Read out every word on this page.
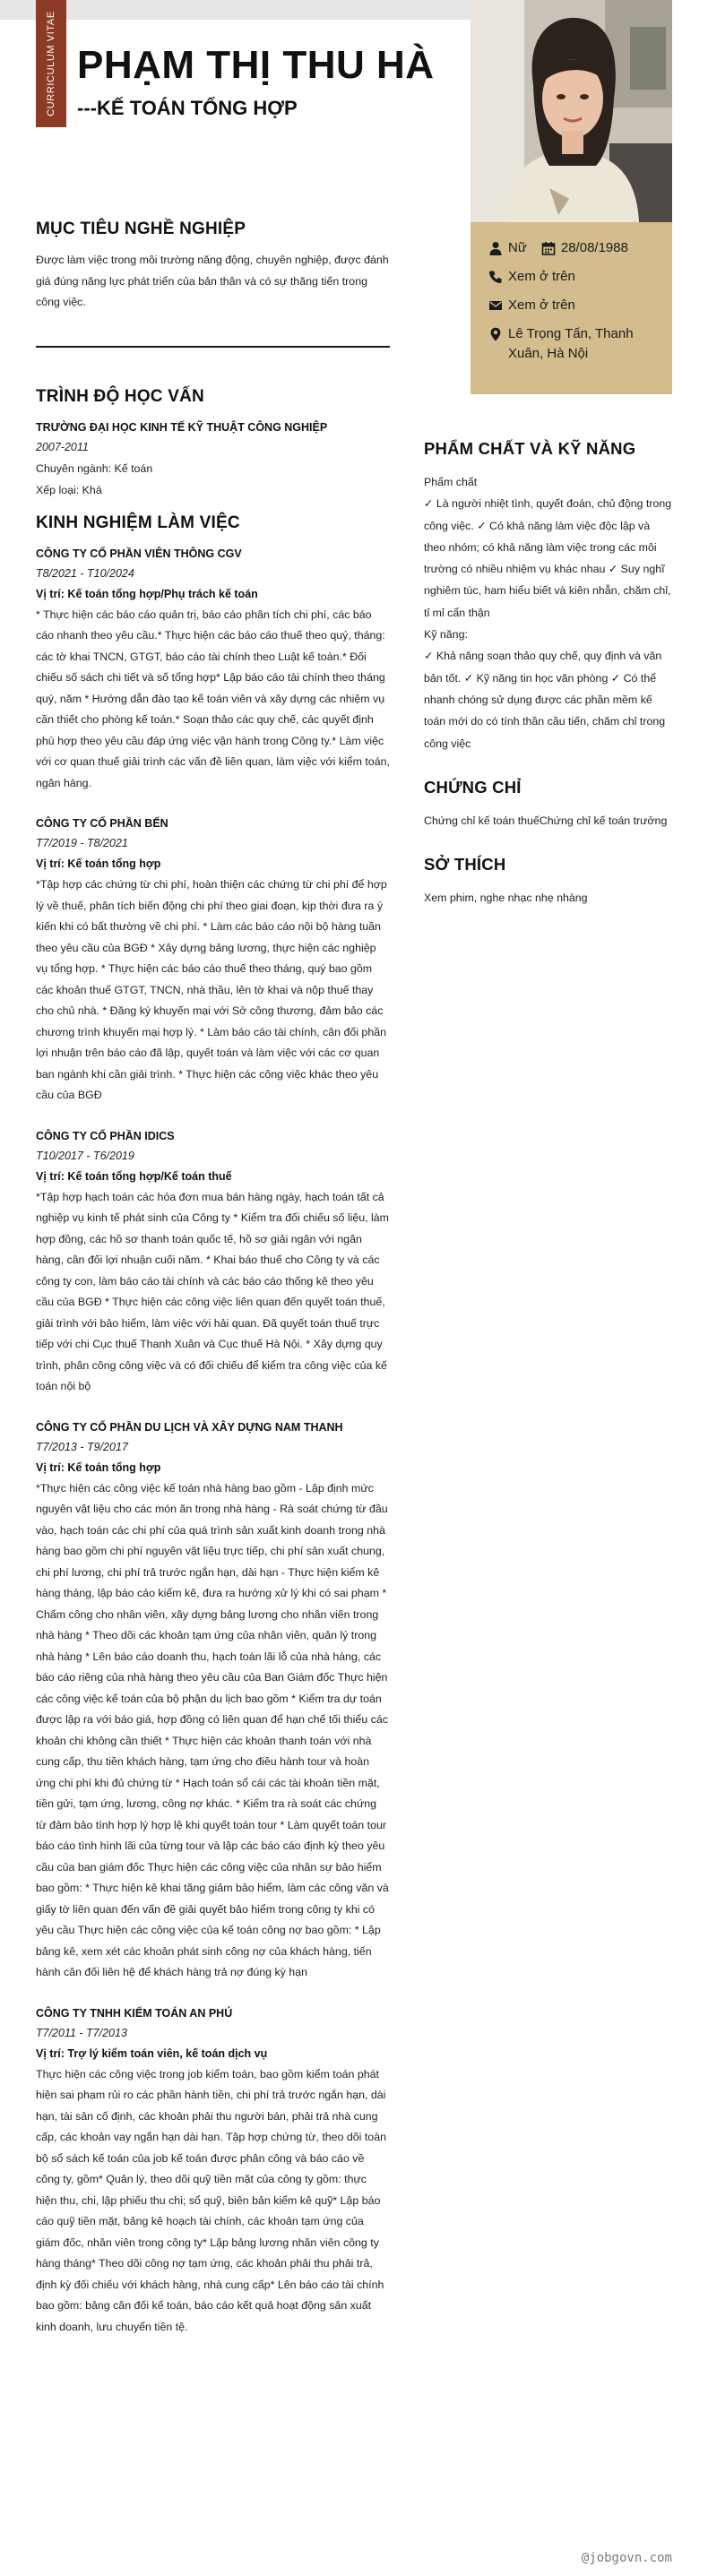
CURRICULUM VITAE PHẠM THỊ THU HÀ
---KẾ TOÁN TỔNG HỢP
Nữ	28/08/1988
Xem ở trên
Xem ở trên
Lê Trọng Tấn, Thanh Xuân, Hà Nội
MỤC TIÊU NGHỀ NGHIỆP
Được làm việc trong môi trường năng động, chuyên nghiệp, được đánh giá đúng năng lực phát triển của bản thân và có sự thăng tiến trong công việc.
TRÌNH ĐỘ HỌC VẤN
TRƯỜNG ĐẠI HỌC KINH TẾ KỸ THUẬT CÔNG NGHIỆP
2007-2011
Chuyên ngành: Kế toán
Xếp loại: Khá
KINH NGHIỆM LÀM VIỆC
CÔNG TY CỔ PHẦN VIÊN THÔNG CGV
T8/2021 - T10/2024
Vị trí: Kế toán tổng hợp/Phụ trách kế toán
* Thực hiện các báo cáo quản trị, báo cáo phân tích chi phí, các báo cáo nhanh theo yêu cầu.* Thực hiện các báo cáo thuế theo quý, tháng: các tờ khai TNCN, GTGT, báo cáo tài chính theo Luật kế toán.* Đối chiếu số sách chi tiết và số tổng hợp* Lập báo cáo tài chính theo tháng quý, năm * Hướng dẫn đào tạo kế toán viên và xây dựng các nhiệm vụ cần thiết cho phòng kế toán.* Soạn thảo các quy chế, các quyết định phù hợp theo yêu cầu đáp ứng việc vận hành trong Công ty.* Làm việc với cơ quan thuế giải trình các vấn đề liên quan, làm việc với kiểm toán, ngân hàng.
CÔNG TY CỔ PHẦN BẾN
T7/2019 - T8/2021
Vị trí: Kế toán tổng hợp
*Tập hợp các chứng từ chi phí, hoàn thiện các chứng từ chi phí để hợp lý về thuế, phân tích biến động chi phí theo giai đoạn, kịp thời đưa ra ý kiến khi có bất thường về chi phí. * Làm các báo cáo nội bộ hàng tuần theo yêu cầu của BGĐ * Xây dựng bảng lương, thực hiện các nghiệp vụ tổng hợp. * Thực hiện các báo cáo thuế theo tháng, quý bao gồm các khoản thuế GTGT, TNCN, nhà thầu, lên tờ khai và nộp thuế thay cho chủ nhà. * Đăng ký khuyến mại với Sở công thương, đảm bảo các chương trình khuyến mại hợp lý. * Làm báo cáo tài chính, cân đối phần lợi nhuận trên báo cáo đã lập, quyết toán và làm việc với các cơ quan ban ngành khi cần giải trình. * Thực hiện các công việc khác theo yêu cầu của BGĐ
CÔNG TY CỔ PHẦN IDICS
T10/2017 - T6/2019
Vị trí: Kế toán tổng hợp/Kế toán thuế
*Tập hợp hạch toán các hóa đơn mua bán hàng ngày, hạch toán tất cả nghiệp vụ kinh tế phát sinh của Công ty * Kiểm tra đối chiếu số liệu, làm hợp đồng, các hồ sơ thanh toán quốc tế, hồ sơ giải ngân với ngân hàng, cân đối lợi nhuận cuối năm. * Khai báo thuế cho Công ty và các công ty con, làm báo cáo tài chính và các báo cáo thống kê theo yêu cầu của BGĐ * Thực hiện các công việc liên quan đến quyết toán thuế, giải trình với bảo hiểm, làm việc với hải quan. Đã quyết toán thuế trực tiếp với chi Cục thuế Thanh Xuân và Cục thuế Hà Nội. * Xây dựng quy trình, phân công công việc và có đối chiếu để kiểm tra công việc của kế toán nội bộ
CÔNG TY CỔ PHẦN DU LỊCH VÀ XÂY DỰNG NAM THANH
T7/2013 - T9/2017
Vị trí: Kế toán tổng hợp
*Thực hiện các công việc kế toán nhà hàng bao gồm - Lập định mức nguyên vật liệu cho các món ăn trong nhà hàng - Rà soát chứng từ đầu vào, hạch toán các chi phí của quá trình sản xuất kinh doanh trong nhà hàng bao gồm chi phí nguyên vật liệu trực tiếp, chi phí sản xuất chung, chi phí lương, chi phí trả trước ngắn hạn, dài hạn - Thực hiện kiểm kê hàng tháng, lập báo cáo kiểm kê, đưa ra hướng xử lý khi có sai phạm * Chấm công cho nhân viên, xây dựng bảng lương cho nhân viên trong nhà hàng * Theo dõi các khoản tạm ứng của nhân viên, quản lý trong nhà hàng * Lên báo cáo doanh thu, hạch toán lãi lỗ của nhà hàng, các báo cáo riêng của nhà hàng theo yêu cầu của Ban Giám đốc Thực hiện các công việc kế toán của bộ phận du lịch bao gồm * Kiểm tra dự toán được lập ra với báo giá, hợp đồng có liên quan để hạn chế tối thiểu các khoản chi không cần thiết * Thực hiện các khoản thanh toán với nhà cung cấp, thu tiền khách hàng, tạm ứng cho điều hành tour và hoàn ứng chi phí khi đủ chứng từ * Hạch toán sổ cái các tài khoản tiền mặt, tiền gửi, tạm ứng, lương, công nợ khác. * Kiểm tra rà soát các chứng từ đảm bảo tính hợp lý hợp lệ khi quyết toán tour * Làm quyết toán tour báo cáo tình hình lãi của từng tour và lập các báo cáo định kỳ theo yêu cầu của ban giám đốc Thực hiện các công việc của nhân sự bảo hiểm bao gồm: * Thực hiện kê khai tăng giảm bảo hiểm, làm các công văn và giấy tờ liên quan đến vấn đề giải quyết bảo hiểm trong công ty khi có yêu cầu Thực hiện các công việc của kế toán công nợ bao gồm: * Lập bảng kê, xem xét các khoản phát sinh công nợ của khách hàng, tiến hành cân đối liên hệ để khách hàng trả nợ đúng kỳ hạn
CÔNG TY TNHH KIỂM TOÁN AN PHÚ
T7/2011 - T7/2013
Vị trí: Trợ lý kiểm toán viên, kế toán dịch vụ
Thực hiện các công việc trong job kiểm toán, bao gồm kiểm toán phát hiện sai phạm rủi ro các phần hành tiền, chi phí trả trước ngắn hạn, dài hạn, tài sản cố định, các khoản phải thu người bán, phải trả nhà cung cấp, các khoản vay ngắn hạn dài hạn. Tập hợp chứng từ, theo dõi toàn bộ sổ sách kế toán của job kế toán được phân công và báo cáo về công ty, gồm* Quản lý, theo dõi quỹ tiền mặt của công ty gồm: thực hiện thu, chi, lập phiếu thu chi; sổ quỹ, biên bản kiểm kê quỹ* Lập báo cáo quỹ tiền mặt, bảng kê hoạch tài chính, các khoản tạm ứng của giám đốc, nhân viên trong công ty* Lập bảng lương nhân viên công ty hàng tháng* Theo dõi công nợ tạm ứng, các khoản phải thu phải trả, định kỳ đối chiếu với khách hàng, nhà cung cấp* Lên báo cáo tài chính bao gồm: bảng cân đối kế toán, báo cáo kết quả hoạt động sản xuất kinh doanh, lưu chuyển tiền tệ.
PHẨM CHẤT VÀ KỸ NĂNG
Phẩm chất
✓ Là người nhiệt tình, quyết đoán, chủ động trong công việc. ✓ Có khả năng làm việc độc lập và theo nhóm; có khả năng làm việc trong các môi trường có nhiều nhiệm vụ khác nhau ✓ Suy nghĩ nghiêm túc, ham hiểu biết và kiên nhẫn, chăm chỉ, tỉ mỉ cẩn thận
Kỹ năng:
✓ Khả năng soạn thảo quy chế, quy định và văn bản tốt. ✓ Kỹ năng tin học văn phòng ✓ Có thể nhanh chóng sử dụng được các phần mềm kế toán mới do có tính thần cầu tiến, chăm chỉ trong công việc
CHỨNG CHỈ
Chứng chỉ kế toán thuếChứng chỉ kế toán trưởng
SỞ THÍCH
Xem phim, nghe nhạc nhẹ nhàng
@jobgovn.com
